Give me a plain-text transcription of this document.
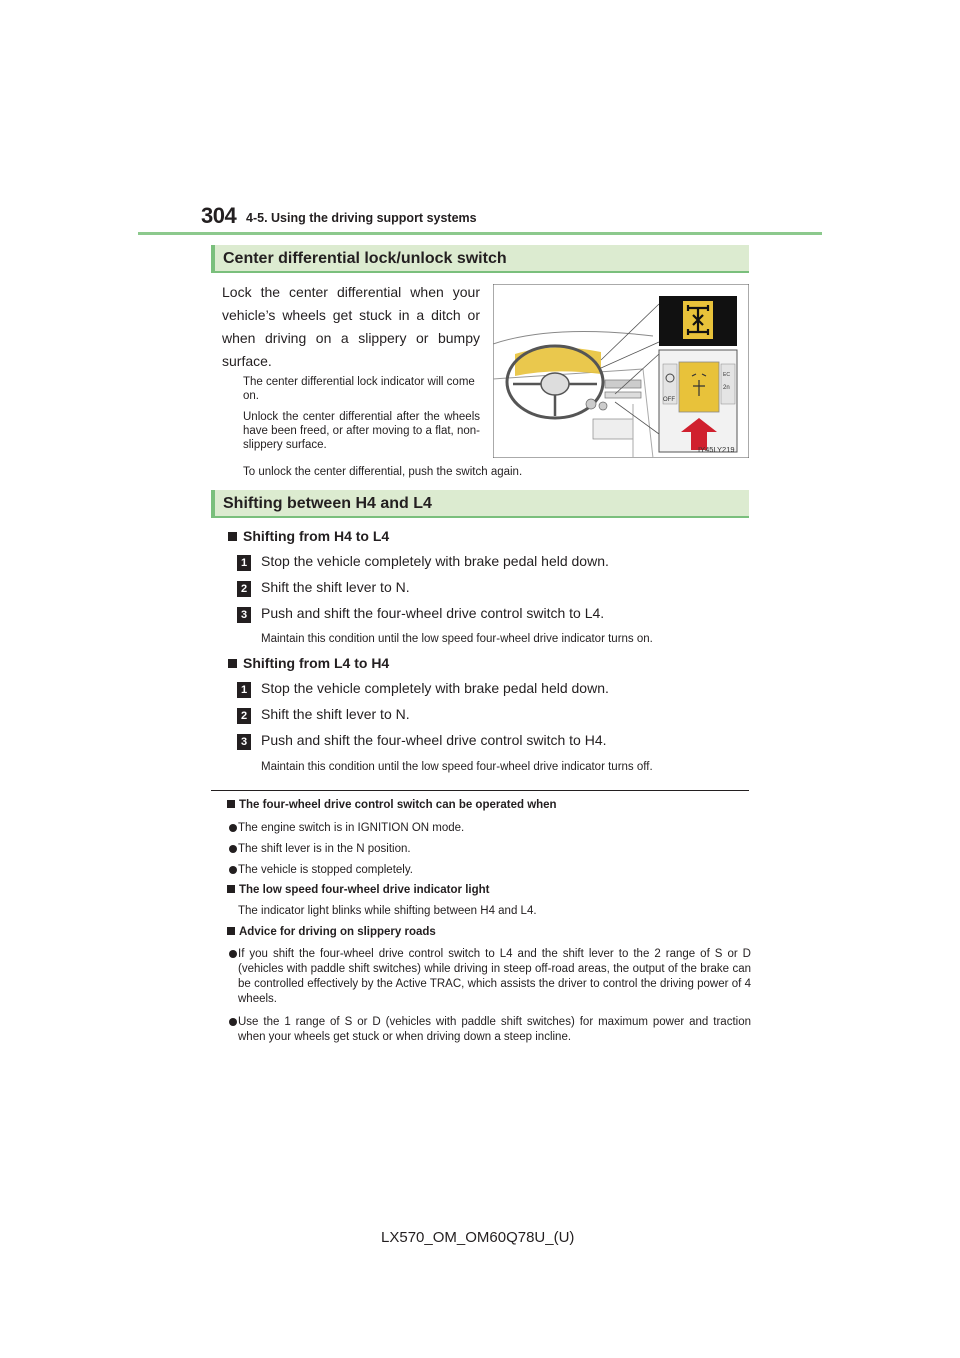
304 4-5. Using the driving support systems
Center differential lock/unlock switch
Lock the center differential when your vehicle’s wheels get stuck in a ditch or when driving on a slippery or bumpy surface.
The center differential lock indicator will come on.
Unlock the center differential after the wheels have been freed, or after moving to a flat, non-slippery surface.
To unlock the center differential, push the switch again.
OFF
EC
2n
IY45LY219
Shifting between H4 and L4
Shifting from H4 to L4
1 Stop the vehicle completely with brake pedal held down.
2 Shift the shift lever to N.
3 Push and shift the four-wheel drive control switch to L4.
Maintain this condition until the low speed four-wheel drive indicator turns on.
Shifting from L4 to H4
1 Stop the vehicle completely with brake pedal held down.
2 Shift the shift lever to N.
3 Push and shift the four-wheel drive control switch to H4.
Maintain this condition until the low speed four-wheel drive indicator turns off.
The four-wheel drive control switch can be operated when
The engine switch is in IGNITION ON mode.
The shift lever is in the N position.
The vehicle is stopped completely.
The low speed four-wheel drive indicator light
The indicator light blinks while shifting between H4 and L4.
Advice for driving on slippery roads
If you shift the four-wheel drive control switch to L4 and the shift lever to the 2 range of S or D (vehicles with paddle shift switches) while driving in steep off-road areas, the output of the brake can be controlled effectively by the Active TRAC, which assists the driver to control the driving power of 4 wheels.
Use the 1 range of S or D (vehicles with paddle shift switches) for maximum power and traction when your wheels get stuck or when driving down a steep incline.
LX570_OM_OM60Q78U_(U)
